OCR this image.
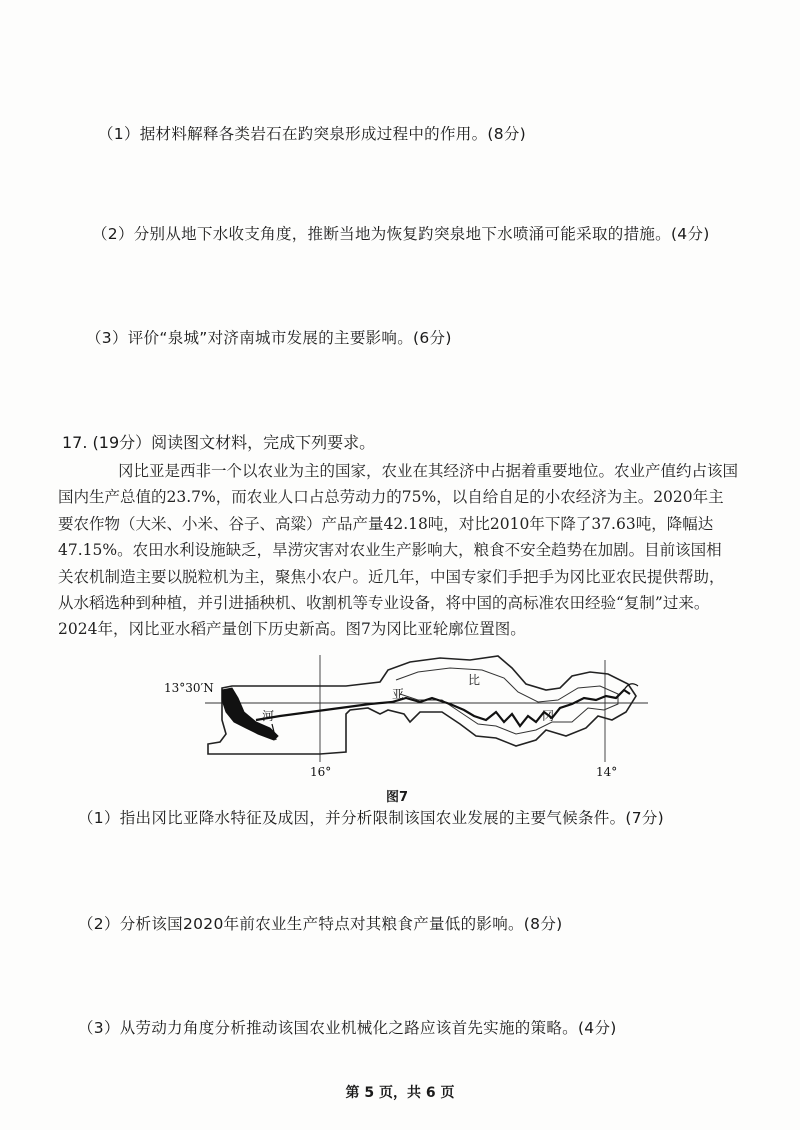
（1）据材料解释各类岩石在趵突泉形成过程中的作用。(8分)
（2）分别从地下水收支角度，推断当地为恢复趵突泉地下水喷涌可能采取的措施。(4分)
（3）评价“泉城”对济南城市发展的主要影响。(6分)
17. (19分）阅读图文材料，完成下列要求。
冈比亚是西非一个以农业为主的国家，农业在其经济中占据着重要地位。农业产值约占该国
国内生产总值的23.7%，而农业人口占总劳动力的75%，以自给自足的小农经济为主。2020年主
要农作物（大米、小米、谷子、高粱）产品产量42.18吨，对比2010年下降了37.63吨，降幅达
47.15%。农田水利设施缺乏，旱涝灾害对农业生产影响大，粮食不安全趋势在加剧。目前该国相
关农机制造主要以脱粒机为主，聚焦小农户。近几年，中国专家们手把手为冈比亚农民提供帮助，
从水稻选种到种植，并引进插秧机、收割机等专业设备，将中国的高标准农田经验“复制”过来。
2024年，冈比亚水稻产量创下历史新高。图7为冈比亚轮廓位置图。
13°30′N
16°	14°
河
亚
比
冈
图7
（1）指出冈比亚降水特征及成因，并分析限制该国农业发展的主要气候条件。(7分)
（2）分析该国2020年前农业生产特点对其粮食产量低的影响。(8分)
（3）从劳动力角度分析推动该国农业机械化之路应该首先实施的策略。(4分)
第 5 页，共 6 页
